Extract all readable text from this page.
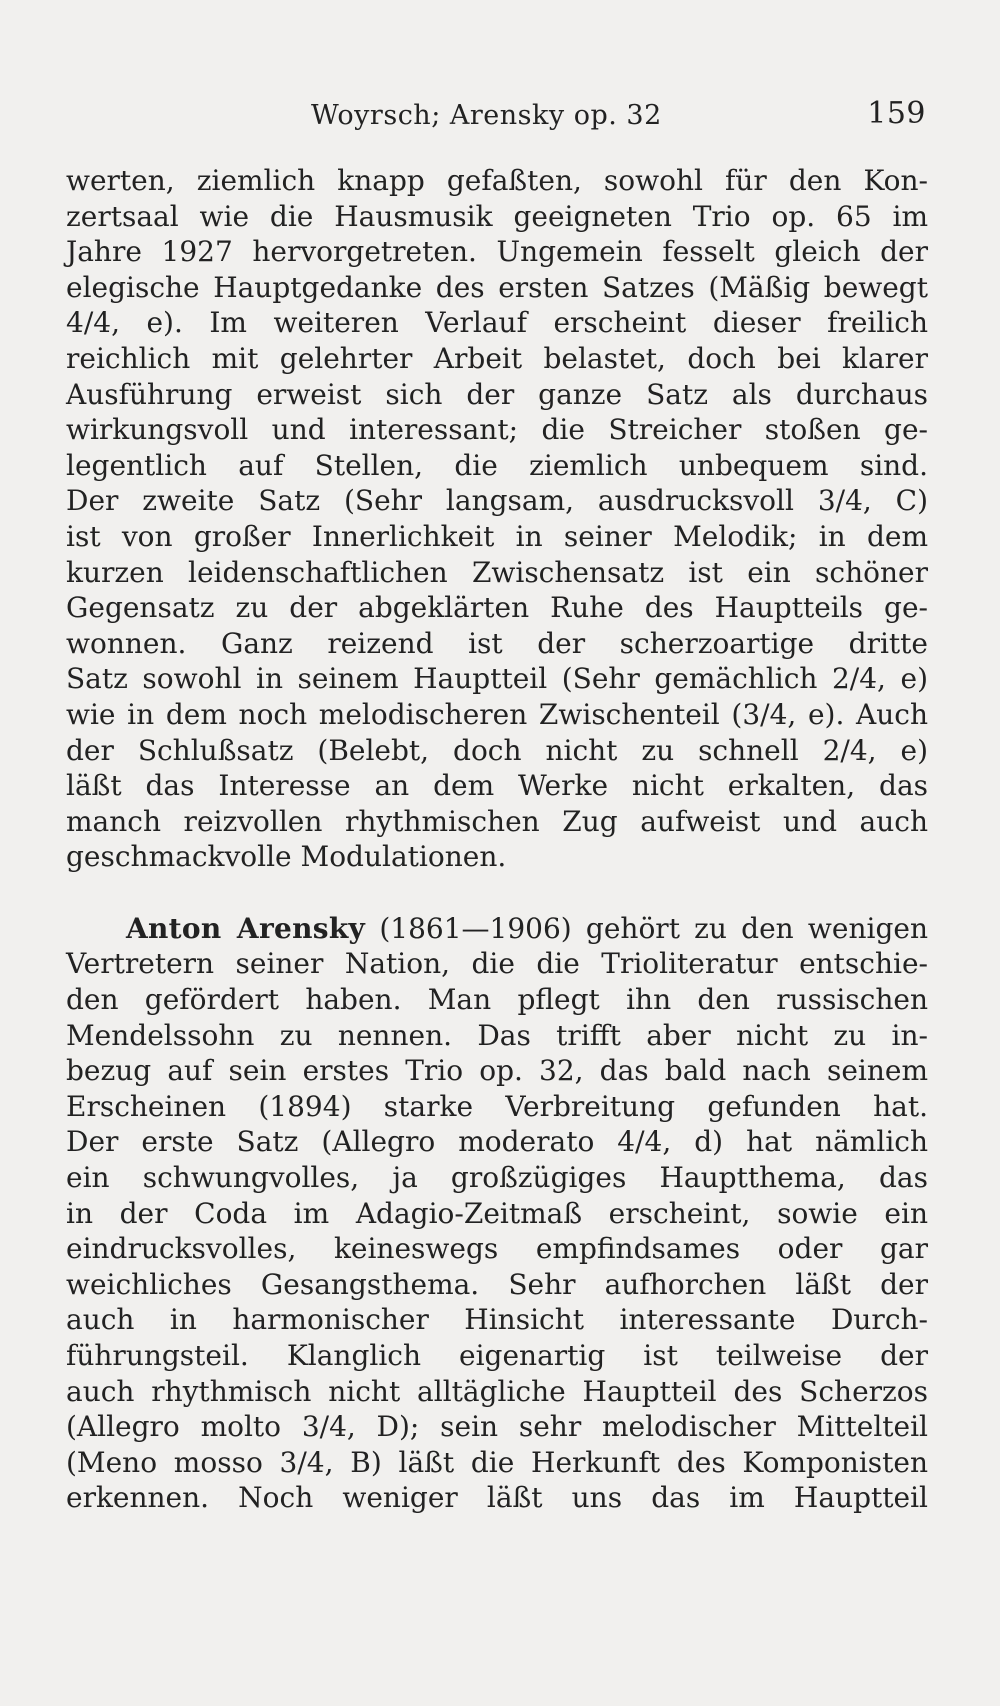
Woyrsch; Arensky op. 32	159
werten, ziemlich knapp gefaßten, sowohl für den Kon-
zertsaal wie die Hausmusik geeigneten Trio op. 65 im
Jahre 1927 hervorgetreten. Ungemein fesselt gleich der
elegische Hauptgedanke des ersten Satzes (Mäßig bewegt
4/4, e). Im weiteren Verlauf erscheint dieser freilich
reichlich mit gelehrter Arbeit belastet, doch bei klarer
Ausführung erweist sich der ganze Satz als durchaus
wirkungsvoll und interessant; die Streicher stoßen ge-
legentlich auf Stellen, die ziemlich unbequem sind.
Der zweite Satz (Sehr langsam, ausdrucksvoll 3/4, C)
ist von großer Innerlichkeit in seiner Melodik; in dem
kurzen leidenschaftlichen Zwischensatz ist ein schöner
Gegensatz zu der abgeklärten Ruhe des Hauptteils ge-
wonnen. Ganz reizend ist der scherzoartige dritte
Satz sowohl in seinem Hauptteil (Sehr gemächlich 2/4, e)
wie in dem noch melodischeren Zwischenteil (3/4, e). Auch
der Schlußsatz (Belebt, doch nicht zu schnell 2/4, e)
läßt das Interesse an dem Werke nicht erkalten, das
manch reizvollen rhythmischen Zug aufweist und auch
geschmackvolle Modulationen.
Anton Arensky (1861—1906) gehört zu den wenigen
Vertretern seiner Nation, die die Trioliteratur entschie-
den gefördert haben. Man pflegt ihn den russischen
Mendelssohn zu nennen. Das trifft aber nicht zu in-
bezug auf sein erstes Trio op. 32, das bald nach seinem
Erscheinen (1894) starke Verbreitung gefunden hat.
Der erste Satz (Allegro moderato 4/4, d) hat nämlich
ein schwungvolles, ja großzügiges Hauptthema, das
in der Coda im Adagio-Zeitmaß erscheint, sowie ein
eindrucksvolles, keineswegs empfindsames oder gar
weichliches Gesangsthema. Sehr aufhorchen läßt der
auch in harmonischer Hinsicht interessante Durch-
führungsteil. Klanglich eigenartig ist teilweise der
auch rhythmisch nicht alltägliche Hauptteil des Scherzos
(Allegro molto 3/4, D); sein sehr melodischer Mittelteil
(Meno mosso 3/4, B) läßt die Herkunft des Komponisten
erkennen. Noch weniger läßt uns das im Hauptteil
